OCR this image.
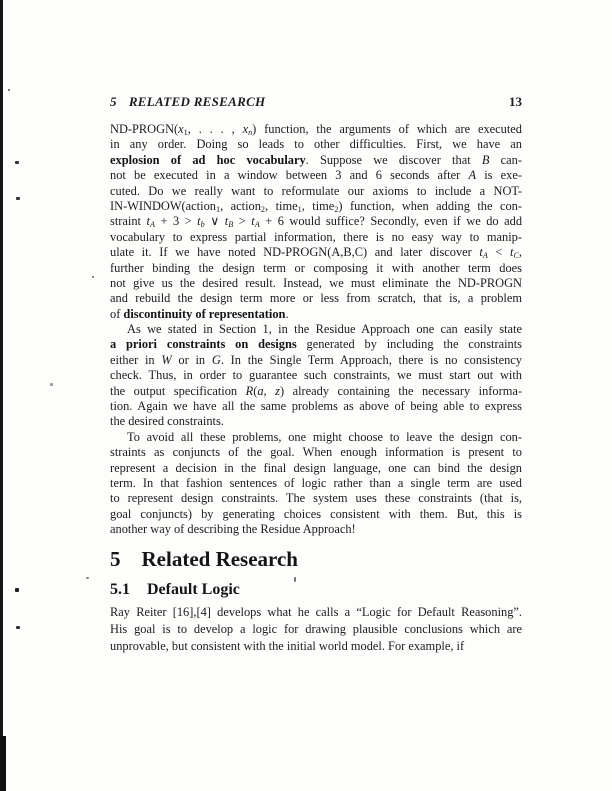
5 RELATED RESEARCH	13
$ND-PROGN(x_1$, . . . , xn) function, the arguments of which are executed
in any order. Doing so leads to other difficulties. First, we have an
explosion of ad hoc vocabulary. Suppose we discover that B can-
not be executed in a window between 3 and 6 seconds after A is exe-
cuted. Do we really want to reformulate our axioms to include a NOT-
IN-WINDOW(action$_1$, action$_2$, time$_1$, time$_2$) function, when adding the con-
straint tA + 3 > tb ∨ tB > tA + 6 would suffice? Secondly, even if we do add
vocabulary to express partial information, there is no easy way to manip-
ulate it. If we have noted ND-PROGN(A,B,C) and later discover tA < tC,
further binding the design term or composing it with another term does
not give us the desired result. Instead, we must eliminate the ND-PROGN
and rebuild the design term more or less from scratch, that is, a problem
of discontinuity of representation.
As we stated in Section 1, in the Residue Approach one can easily state
a priori constraints on designs generated by including the constraints
either in W or in G. In the Single Term Approach, there is no consistency
check. Thus, in order to guarantee such constraints, we must start out with
the output specification R(a, z) already containing the necessary informa-
tion. Again we have all the same problems as above of being able to express
the desired constraints.
To avoid all these problems, one might choose to leave the design con-
straints as conjuncts of the goal. When enough information is present to
represent a decision in the final design language, one can bind the design
term. In that fashion sentences of logic rather than a single term are used
to represent design constraints. The system uses these constraints (that is,
goal conjuncts) by generating choices consistent with them. But, this is
another way of describing the Residue Approach!
5 Related Research
5.1 Default Logic
Ray Reiter [16],[4] develops what he calls a “Logic for Default Reasoning”.
His goal is to develop a logic for drawing plausible conclusions which are
unprovable, but consistent with the initial world model. For example, if
